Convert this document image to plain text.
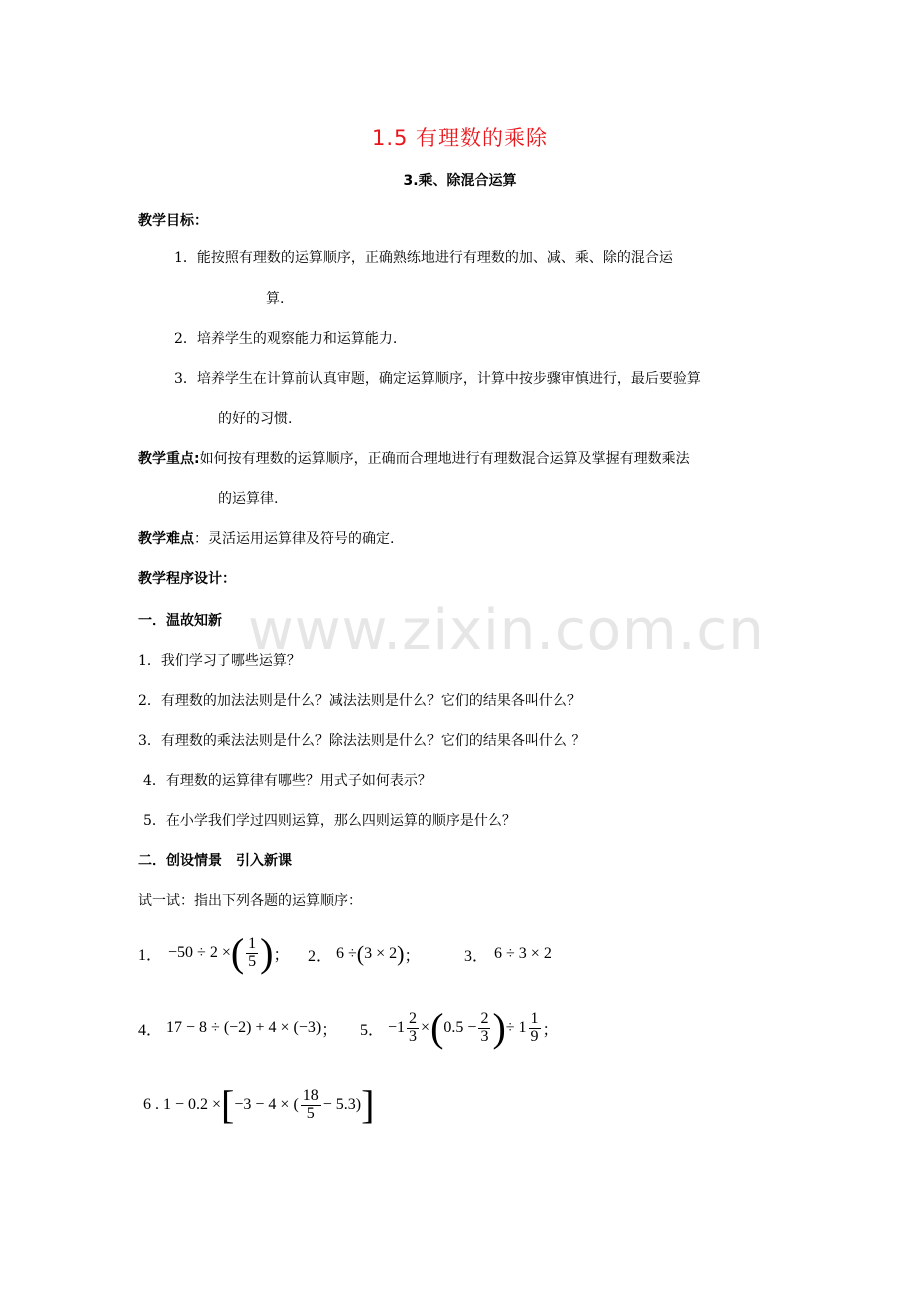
www.zixin.com.cn
1.5 有理数的乘除
3.乘、除混合运算
教学目标：
1．能按照有理数的运算顺序，正确熟练地进行有理数的加、减、乘、除的混合运
算.
2．培养学生的观察能力和运算能力.
3．培养学生在计算前认真审题，确定运算顺序，计算中按步骤审慎进行，最后要验算
的好的习惯.
教学重点:如何按有理数的运算顺序，正确而合理地进行有理数混合运算及掌握有理数乘法
的运算律.
教学难点：灵活运用运算律及符号的确定.
教学程序设计：
一．温故知新
1．我们学习了哪些运算？
2．有理数的加法法则是什么？减法法则是什么？它们的结果各叫什么？
3．有理数的乘法法则是什么？除法法则是什么？它们的结果各叫什么 ？
4．有理数的运算律有哪些？用式子如何表示？
5．在小学我们学过四则运算，那么四则运算的顺序是什么？
二．创设情景　引入新课
试一试：指出下列各题的运算顺序：
1． −50 ÷ 2 × ( $\frac{1}{5}$ ) ； 2． 6 ÷ ( 3 × 2 ) ；	3． 6 ÷ 3 × 2
4． 17 − 8 ÷ (−2) + 4 × (−3) ； 5． $-1 \frac{2}{3}$ × ( $0.5 - \frac{2}{3}$ ) ÷ $1 \frac{1}{9}$ ；
6 . 1 − 0.2 × [ −3 − 4 × ( $\frac{18}{5} - 5.3$) ]
